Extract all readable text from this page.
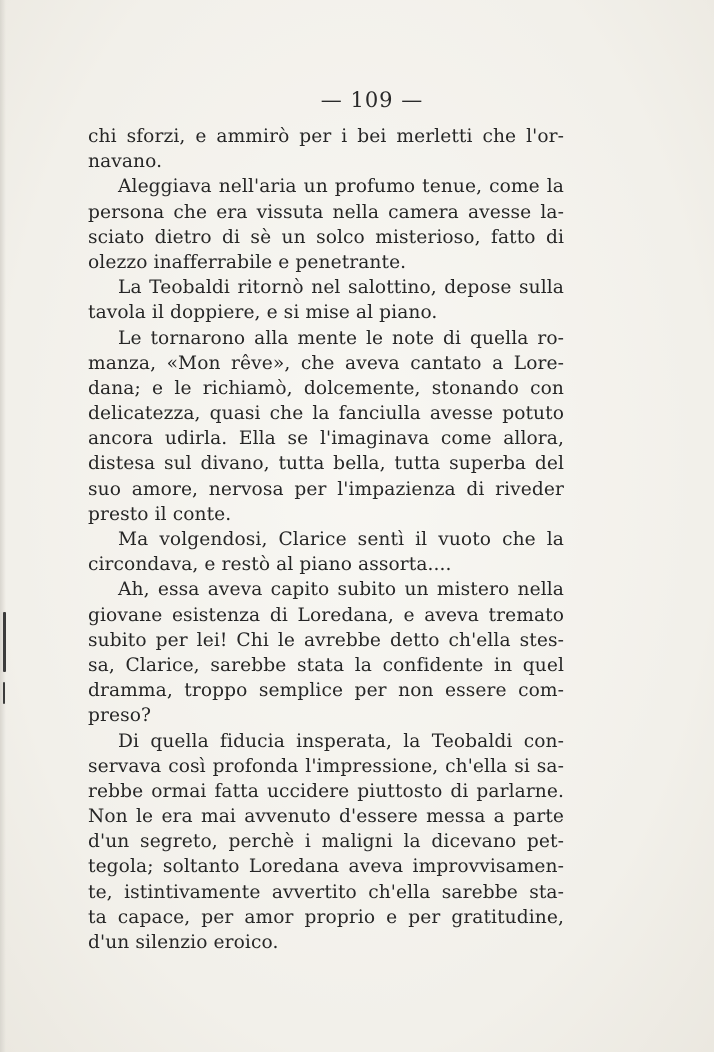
— 109 —
chi sforzi, e ammirò per i bei merletti che l'or-
navano.
Aleggiava nell'aria un profumo tenue, come la
persona che era vissuta nella camera avesse la-
sciato dietro di sè un solco misterioso, fatto di
olezzo inafferrabile e penetrante.
La Teobaldi ritornò nel salottino, depose sulla
tavola il doppiere, e si mise al piano.
Le tornarono alla mente le note di quella ro-
manza, «Mon rêve», che aveva cantato a Lore-
dana; e le richiamò, dolcemente, stonando con
delicatezza, quasi che la fanciulla avesse potuto
ancora udirla. Ella se l'imaginava come allora,
distesa sul divano, tutta bella, tutta superba del
suo amore, nervosa per l'impazienza di riveder
presto il conte.
Ma volgendosi, Clarice sentì il vuoto che la
circondava, e restò al piano assorta....
Ah, essa aveva capito subito un mistero nella
giovane esistenza di Loredana, e aveva tremato
subito per lei! Chi le avrebbe detto ch'ella stes-
sa, Clarice, sarebbe stata la confidente in quel
dramma, troppo semplice per non essere com-
preso?
Di quella fiducia insperata, la Teobaldi con-
servava così profonda l'impressione, ch'ella si sa-
rebbe ormai fatta uccidere piuttosto di parlarne.
Non le era mai avvenuto d'essere messa a parte
d'un segreto, perchè i maligni la dicevano pet-
tegola; soltanto Loredana aveva improvvisamen-
te, istintivamente avvertito ch'ella sarebbe sta-
ta capace, per amor proprio e per gratitudine,
d'un silenzio eroico.
